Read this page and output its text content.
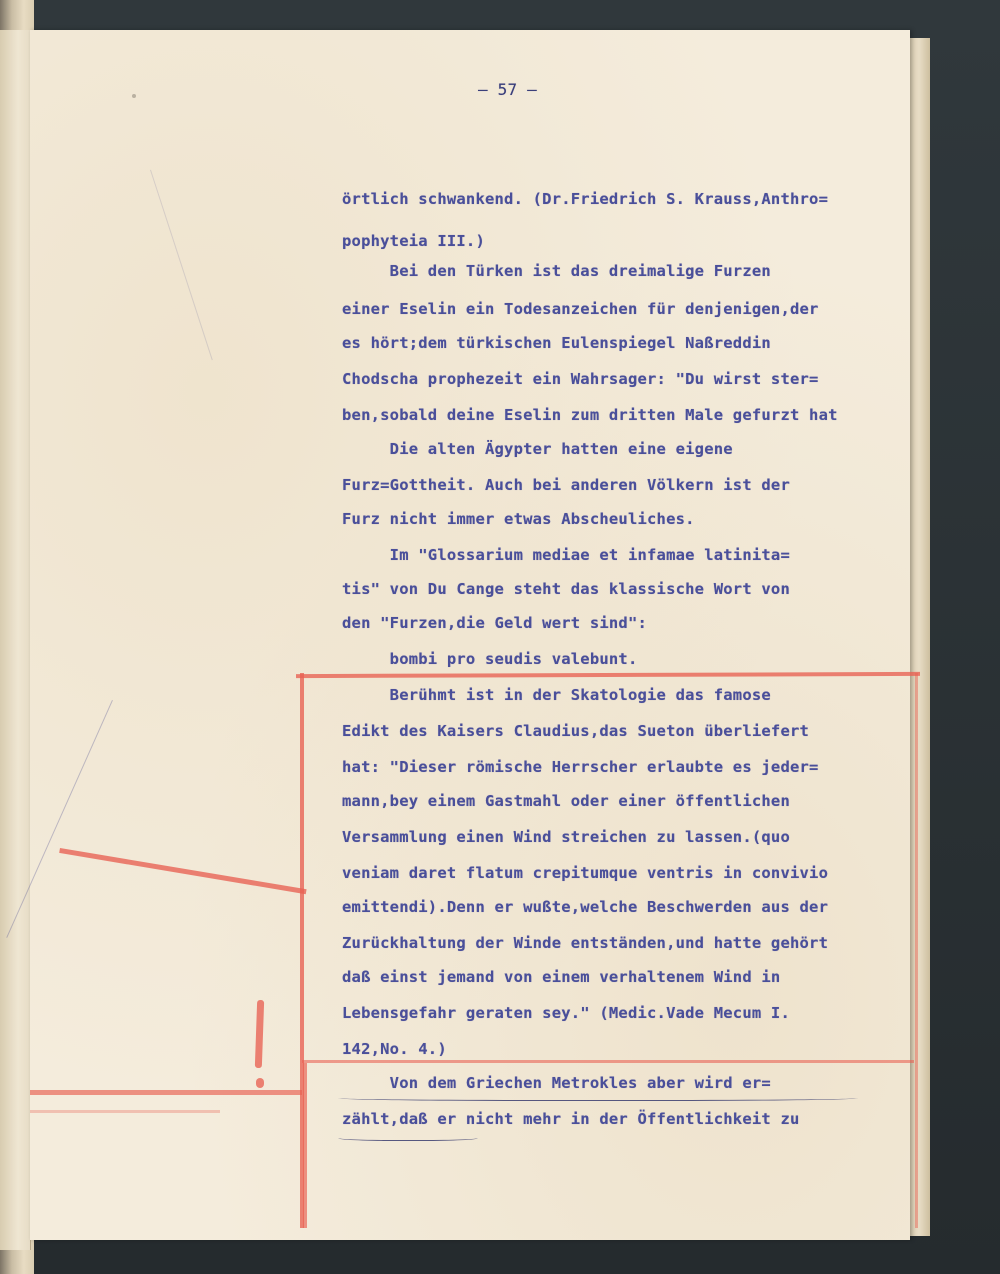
– 57 –
örtlich schwankend. (Dr.Friedrich S. Krauss,Anthro=
pophyteia III.)
Bei den Türken ist das dreimalige Furzen
einer Eselin ein Todesanzeichen für denjenigen,der
es hört;dem türkischen Eulenspiegel Naßreddin
Chodscha prophezeit ein Wahrsager: "Du wirst ster=
ben,sobald deine Eselin zum dritten Male gefurzt hat
Die alten Ägypter hatten eine eigene
Furz=Gottheit. Auch bei anderen Völkern ist der
Furz nicht immer etwas Abscheuliches.
Im "Glossarium mediae et infamae latinita=
tis" von Du Cange steht das klassische Wort von
den "Furzen,die Geld wert sind":
bombi pro seudis valebunt.
Berühmt ist in der Skatologie das famose
Edikt des Kaisers Claudius,das Sueton überliefert
hat: "Dieser römische Herrscher erlaubte es jeder=
mann,bey einem Gastmahl oder einer öffentlichen
Versammlung einen Wind streichen zu lassen.(quo
veniam daret flatum crepitumque ventris in convivio
emittendi).Denn er wußte,welche Beschwerden aus der
Zurückhaltung der Winde entständen,und hatte gehört
daß einst jemand von einem verhaltenem Wind in
Lebensgefahr geraten sey." (Medic.Vade Mecum I.
142,No. 4.)
Von dem Griechen Metrokles aber wird er=
zählt,daß er nicht mehr in der Öffentlichkeit zu
